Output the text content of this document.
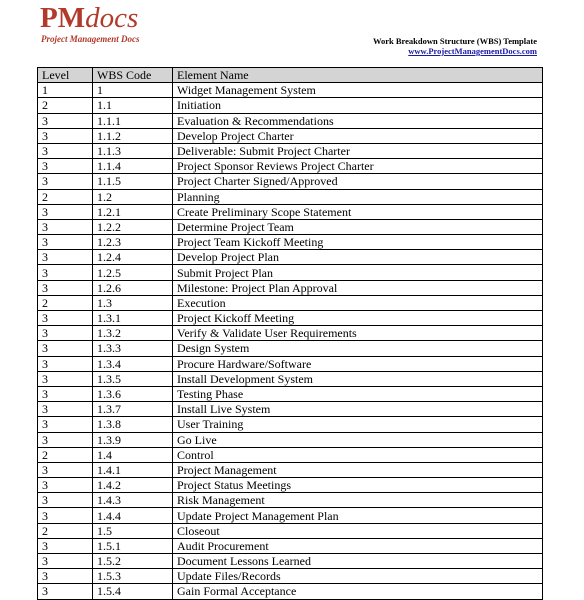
PMdocs
Project Management Docs	Work Breakdown Structure (WBS) Template
www.ProjectManagementDocs.com
Level	WBS Code	Element Name
1	1	Widget Management System
2	1.1	Initiation
3	1.1.1	Evaluation & Recommendations
3	1.1.2	Develop Project Charter
3	1.1.3	Deliverable: Submit Project Charter
3	1.1.4	Project Sponsor Reviews Project Charter
3	1.1.5	Project Charter Signed/Approved
2	1.2	Planning
3	1.2.1	Create Preliminary Scope Statement
3	1.2.2	Determine Project Team
3	1.2.3	Project Team Kickoff Meeting
3	1.2.4	Develop Project Plan
3	1.2.5	Submit Project Plan
3	1.2.6	Milestone: Project Plan Approval
2	1.3	Execution
3	1.3.1	Project Kickoff Meeting
3	1.3.2	Verify & Validate User Requirements
3	1.3.3	Design System
3	1.3.4	Procure Hardware/Software
3	1.3.5	Install Development System
3	1.3.6	Testing Phase
3	1.3.7	Install Live System
3	1.3.8	User Training
3	1.3.9	Go Live
2	1.4	Control
3	1.4.1	Project Management
3	1.4.2	Project Status Meetings
3	1.4.3	Risk Management
3	1.4.4	Update Project Management Plan
2	1.5	Closeout
3	1.5.1	Audit Procurement
3	1.5.2	Document Lessons Learned
3	1.5.3	Update Files/Records
3	1.5.4	Gain Formal Acceptance
